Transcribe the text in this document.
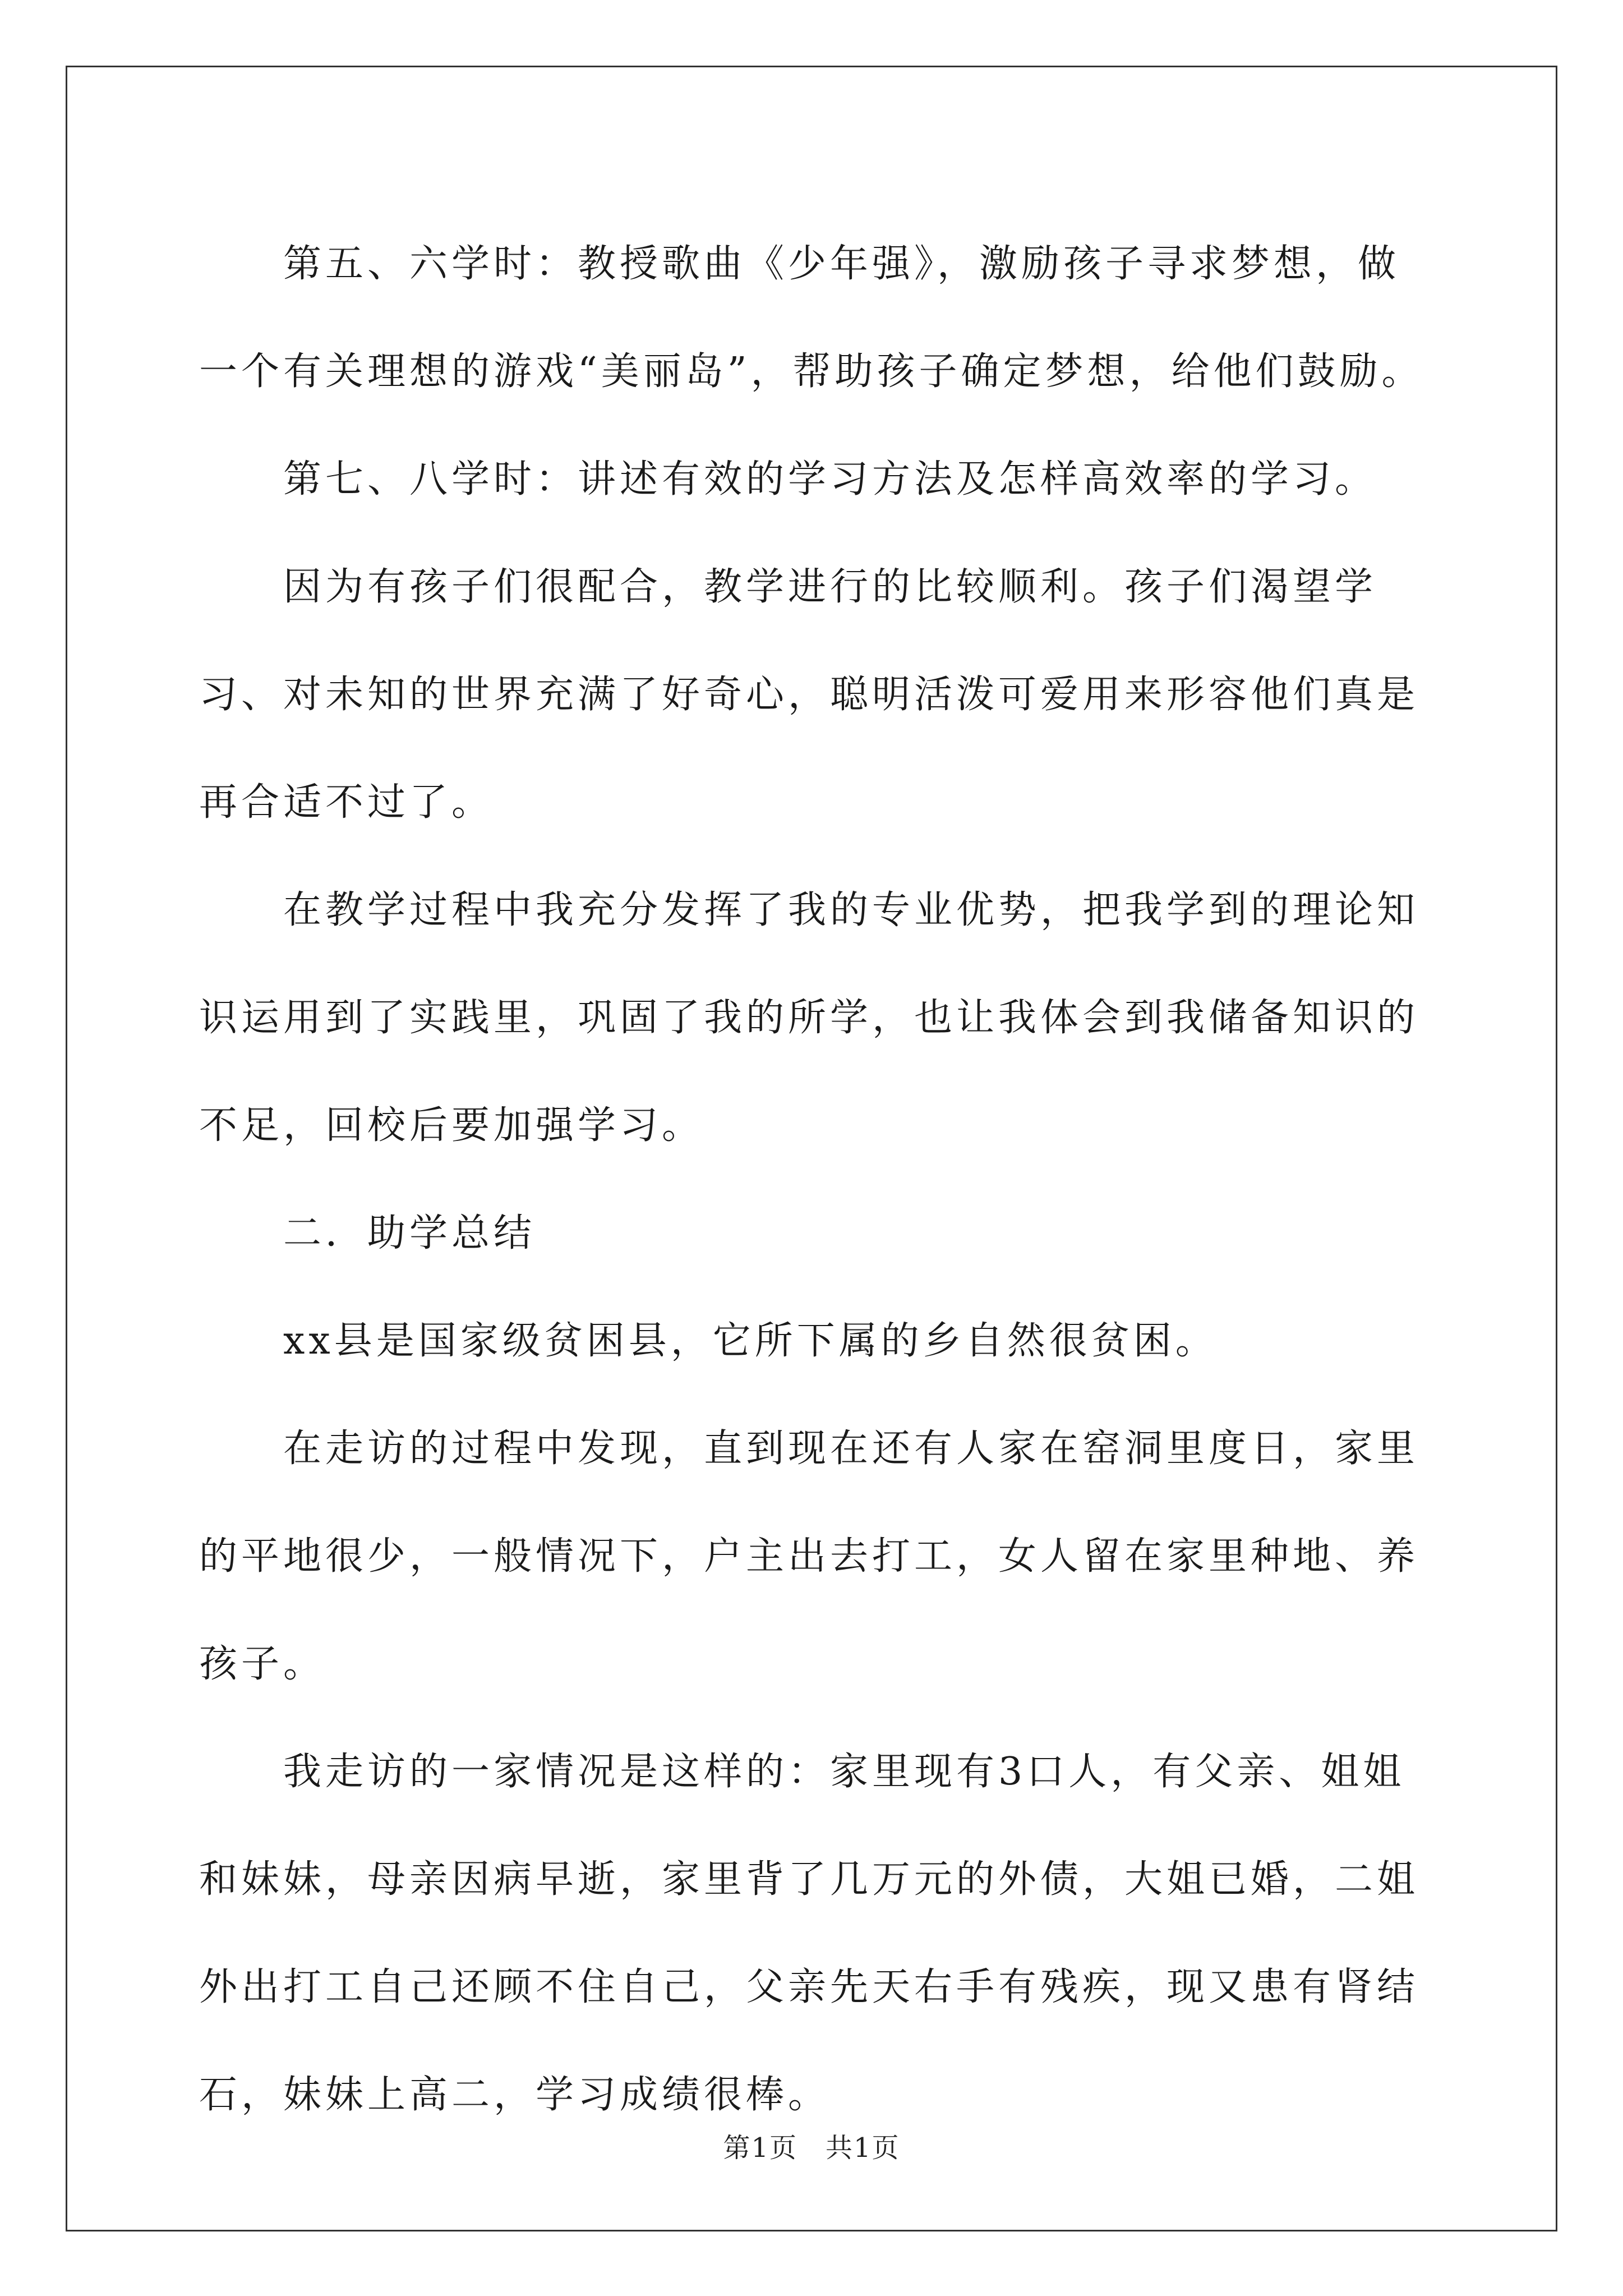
第五、六学时：教授歌曲《少年强》，激励孩子寻求梦想，做一个有关理想的游戏“美丽岛”，帮助孩子确定梦想，给他们鼓励。

第七、八学时：讲述有效的学习方法及怎样高效率的学习。

因为有孩子们很配合，教学进行的比较顺利。孩子们渴望学习、对未知的世界充满了好奇心，聪明活泼可爱用来形容他们真是再合适不过了。

在教学过程中我充分发挥了我的专业优势，把我学到的理论知识运用到了实践里，巩固了我的所学，也让我体会到我储备知识的不足，回校后要加强学习。

二．助学总结

xx县是国家级贫困县，它所下属的乡自然很贫困。

在走访的过程中发现，直到现在还有人家在窑洞里度日，家里的平地很少，一般情况下，户主出去打工，女人留在家里种地、养孩子。

我走访的一家情况是这样的：家里现有3口人，有父亲、姐姐和妹妹，母亲因病早逝，家里背了几万元的外债，大姐已婚，二姐外出打工自己还顾不住自己，父亲先天右手有残疾，现又患有肾结石，妹妹上高二，学习成绩很棒。

第1页 共1页
